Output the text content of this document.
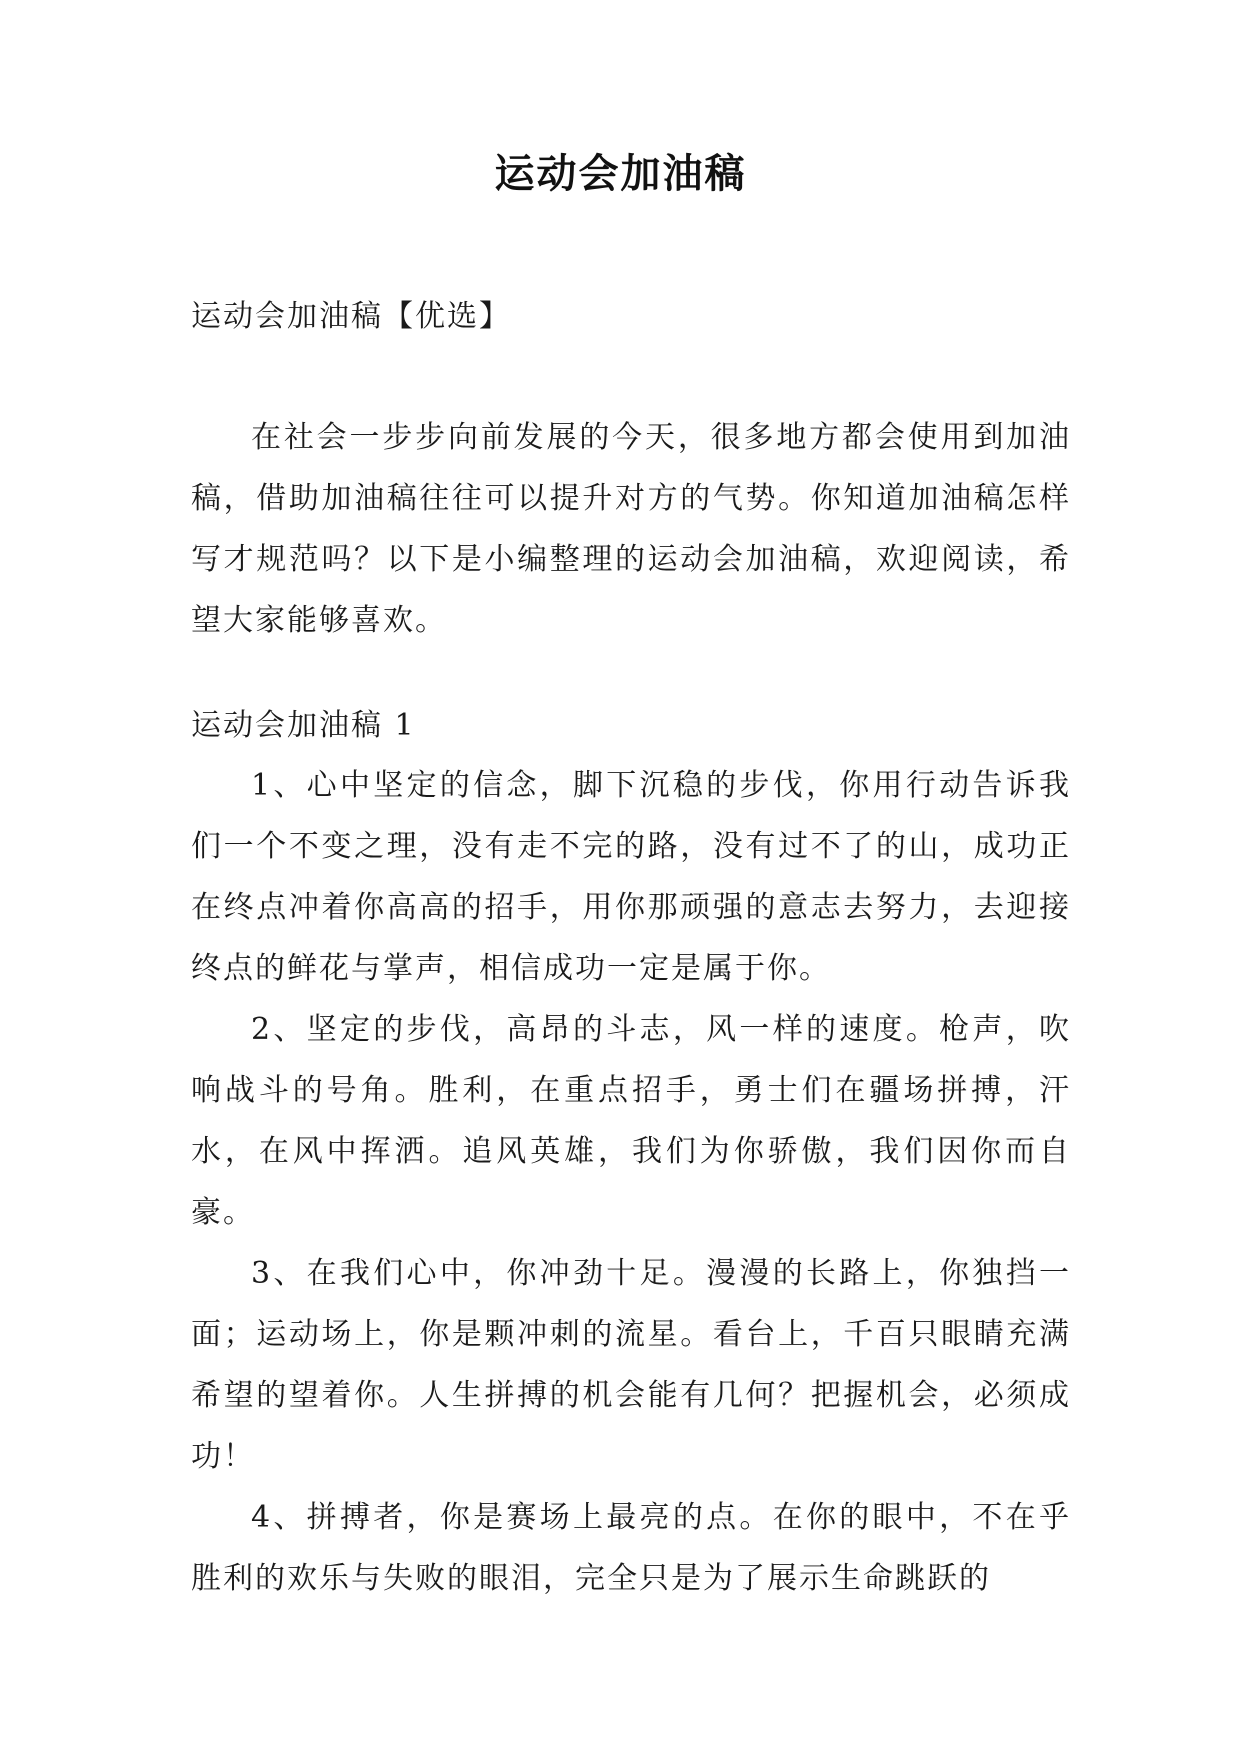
运动会加油稿
运动会加油稿【优选】

在社会一步步向前发展的今天，很多地方都会使用到加油稿，借助加油稿往往可以提升对方的气势。你知道加油稿怎样写才规范吗？以下是小编整理的运动会加油稿，欢迎阅读，希望大家能够喜欢。

运动会加油稿 1

1、心中坚定的信念，脚下沉稳的步伐，你用行动告诉我们一个不变之理，没有走不完的路，没有过不了的山，成功正在终点冲着你高高的招手，用你那顽强的意志去努力，去迎接终点的鲜花与掌声，相信成功一定是属于你。

2、坚定的步伐，高昂的斗志，风一样的速度。枪声，吹响战斗的号角。胜利，在重点招手，勇士们在疆场拼搏，汗水，在风中挥洒。追风英雄，我们为你骄傲，我们因你而自豪。

3、在我们心中，你冲劲十足。漫漫的长路上，你独挡一面；运动场上，你是颗冲刺的流星。看台上，千百只眼睛充满希望的望着你。人生拼搏的机会能有几何？把握机会，必须成功！

4、拼搏者，你是赛场上最亮的点。在你的眼中，不在乎胜利的欢乐与失败的眼泪，完全只是为了展示生命跳跃的
